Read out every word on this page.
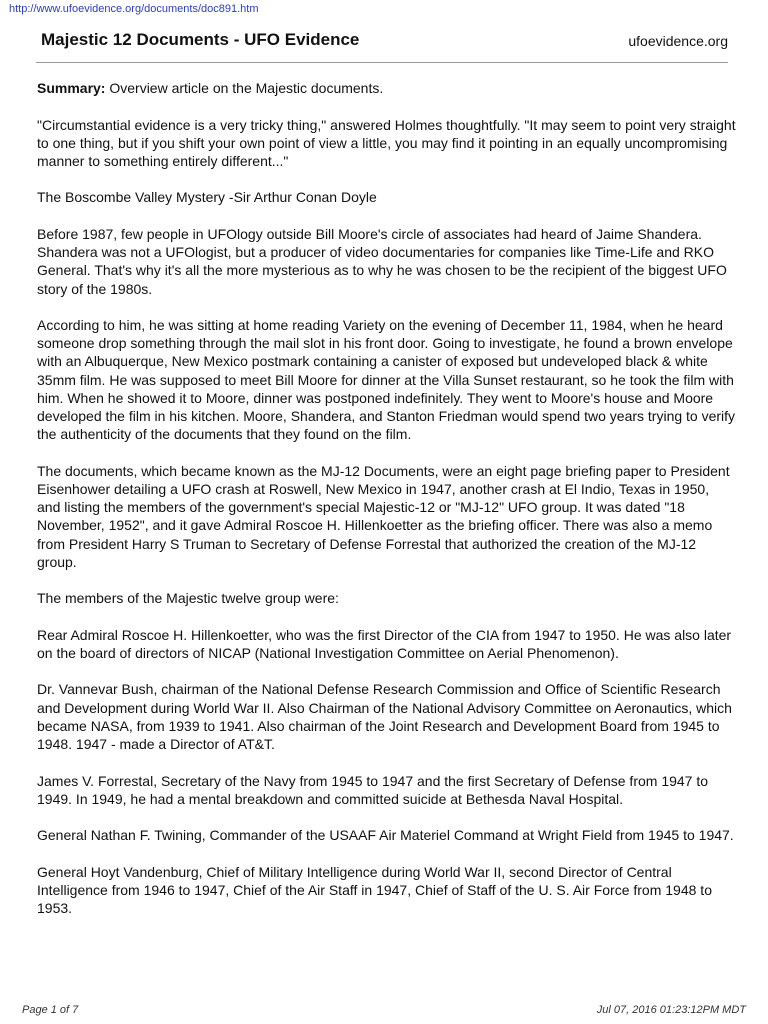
http://www.ufoevidence.org/documents/doc891.htm
Majestic 12 Documents - UFO Evidence	ufoevidence.org

Summary: Overview article on the Majestic documents.

"Circumstantial evidence is a very tricky thing," answered Holmes thoughtfully. "It may seem to point very straight to one thing, but if you shift your own point of view a little, you may find it pointing in an equally uncompromising manner to something entirely different..."

The Boscombe Valley Mystery -Sir Arthur Conan Doyle

Before 1987, few people in UFOlogy outside Bill Moore's circle of associates had heard of Jaime Shandera. Shandera was not a UFOlogist, but a producer of video documentaries for companies like Time-Life and RKO General. That's why it's all the more mysterious as to why he was chosen to be the recipient of the biggest UFO story of the 1980s.

According to him, he was sitting at home reading Variety on the evening of December 11, 1984, when he heard someone drop something through the mail slot in his front door. Going to investigate, he found a brown envelope with an Albuquerque, New Mexico postmark containing a canister of exposed but undeveloped black & white 35mm film. He was supposed to meet Bill Moore for dinner at the Villa Sunset restaurant, so he took the film with him. When he showed it to Moore, dinner was postponed indefinitely. They went to Moore's house and Moore developed the film in his kitchen. Moore, Shandera, and Stanton Friedman would spend two years trying to verify the authenticity of the documents that they found on the film.

The documents, which became known as the MJ-12 Documents, were an eight page briefing paper to President Eisenhower detailing a UFO crash at Roswell, New Mexico in 1947, another crash at El Indio, Texas in 1950, and listing the members of the government's special Majestic-12 or "MJ-12" UFO group. It was dated "18 November, 1952", and it gave Admiral Roscoe H. Hillenkoetter as the briefing officer. There was also a memo from President Harry S Truman to Secretary of Defense Forrestal that authorized the creation of the MJ-12 group.

The members of the Majestic twelve group were:

Rear Admiral Roscoe H. Hillenkoetter, who was the first Director of the CIA from 1947 to 1950. He was also later on the board of directors of NICAP (National Investigation Committee on Aerial Phenomenon).

Dr. Vannevar Bush, chairman of the National Defense Research Commission and Office of Scientific Research and Development during World War II. Also Chairman of the National Advisory Committee on Aeronautics, which became NASA, from 1939 to 1941. Also chairman of the Joint Research and Development Board from 1945 to 1948. 1947 - made a Director of AT&T.

James V. Forrestal, Secretary of the Navy from 1945 to 1947 and the first Secretary of Defense from 1947 to 1949. In 1949, he had a mental breakdown and committed suicide at Bethesda Naval Hospital.

General Nathan F. Twining, Commander of the USAAF Air Materiel Command at Wright Field from 1945 to 1947.

General Hoyt Vandenburg, Chief of Military Intelligence during World War II, second Director of Central Intelligence from 1946 to 1947, Chief of the Air Staff in 1947, Chief of Staff of the U. S. Air Force from 1948 to 1953.

Page 1 of 7	Jul 07, 2016 01:23:12PM MDT
